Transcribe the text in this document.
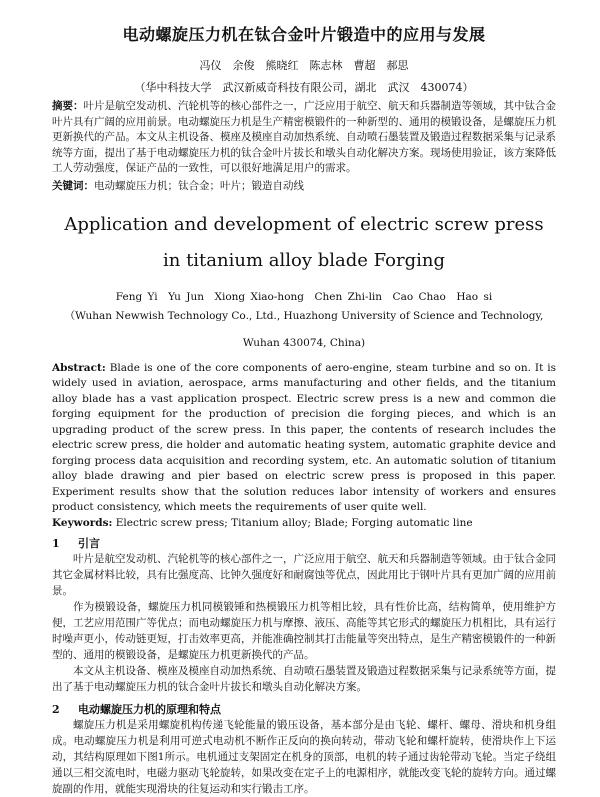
电动螺旋压力机在钛合金叶片锻造中的应用与发展
冯仪　余俊　熊晓红　陈志林　曹超　郝思
（华中科技大学　武汉新威奇科技有限公司，湖北　武汉　430074）
摘要：叶片是航空发动机、汽轮机等的核心部件之一，广泛应用于航空、航天和兵器制造等领域，其中钛合金叶片具有广阔的应用前景。电动螺旋压力机是生产精密模锻件的一种新型的、通用的模锻设备，是螺旋压力机更新换代的产品。本文从主机设备、模座及模座自动加热系统、自动喷石墨装置及锻造过程数据采集与记录系统等方面，提出了基于电动螺旋压力机的钛合金叶片拔长和墩头自动化解决方案。现场使用验证，该方案降低工人劳动强度，保证产品的一致性，可以很好地满足用户的需求。
关键词：电动螺旋压力机；钛合金；叶片；锻造自动线
Application and development of electric screw press
in titanium alloy blade Forging
Feng Yi　Yu Jun　Xiong Xiao-hong　Chen Zhi-lin　Cao Chao　Hao si
（Wuhan Newwish Technology Co., Ltd., Huazhong University of Science and Technology,
Wuhan 430074, China)
Abstract: Blade is one of the core components of aero-engine, steam turbine and so on. It is widely used in aviation, aerospace, arms manufacturing and other fields, and the titanium alloy blade has a vast application prospect. Electric screw press is a new and common die forging equipment for the production of precision die forging pieces, and which is an upgrading product of the screw press. In this paper, the contents of research includes the electric screw press, die holder and automatic heating system, automatic graphite device and forging process data acquisition and recording system, etc. An automatic solution of titanium alloy blade drawing and pier based on electric screw press is proposed in this paper. Experiment results show that the solution reduces labor intensity of workers and ensures product consistency, which meets the requirements of user quite well.
Keywords: Electric screw press; Titanium alloy; Blade; Forging automatic line
1 引言
叶片是航空发动机、汽轮机等的核心部件之一，广泛应用于航空、航天和兵器制造等领域。由于钛合金同其它金属材料比较，具有比强度高、比钟久强度好和耐腐蚀等优点，因此用比于钢叶片具有更加广阔的应用前景。
作为模锻设备，螺旋压力机同模锻锤和热模锻压力机等相比较，具有性价比高，结构简单，使用维护方便，工艺应用范围广等优点；而电动螺旋压力机与摩擦、液压、高能等其它形式的螺旋压力机相比，具有运行时噪声更小，传动链更短，打击效率更高，并能准确控制其打击能量等突出特点，是生产精密模锻件的一种新型的、通用的模锻设备，是螺旋压力机更新换代的产品。
本文从主机设备、模座及模座自动加热系统、自动喷石墨装置及锻造过程数据采集与记录系统等方面，提出了基于电动螺旋压力机的钛合金叶片拔长和墩头自动化解决方案。
2 电动螺旋压力机的原理和特点
螺旋压力机是采用螺旋机构传递飞轮能量的锻压设备，基本部分是由飞轮、螺杆、螺母、滑块和机身组成。电动螺旋压力机是利用可逆式电动机不断作正反向的换向转动，带动飞轮和螺杆旋转，使滑块作上下运动，其结构原理如下图1所示。电机通过支架固定在机身的顶部，电机的转子通过齿轮带动飞轮。当定子绕组通以三相交流电时，电磁力驱动飞轮旋转，如果改变在定子上的电源相序，就能改变飞轮的旋转方向。通过螺旋副的作用，就能实现滑块的往复运动和实行锻击工序。
